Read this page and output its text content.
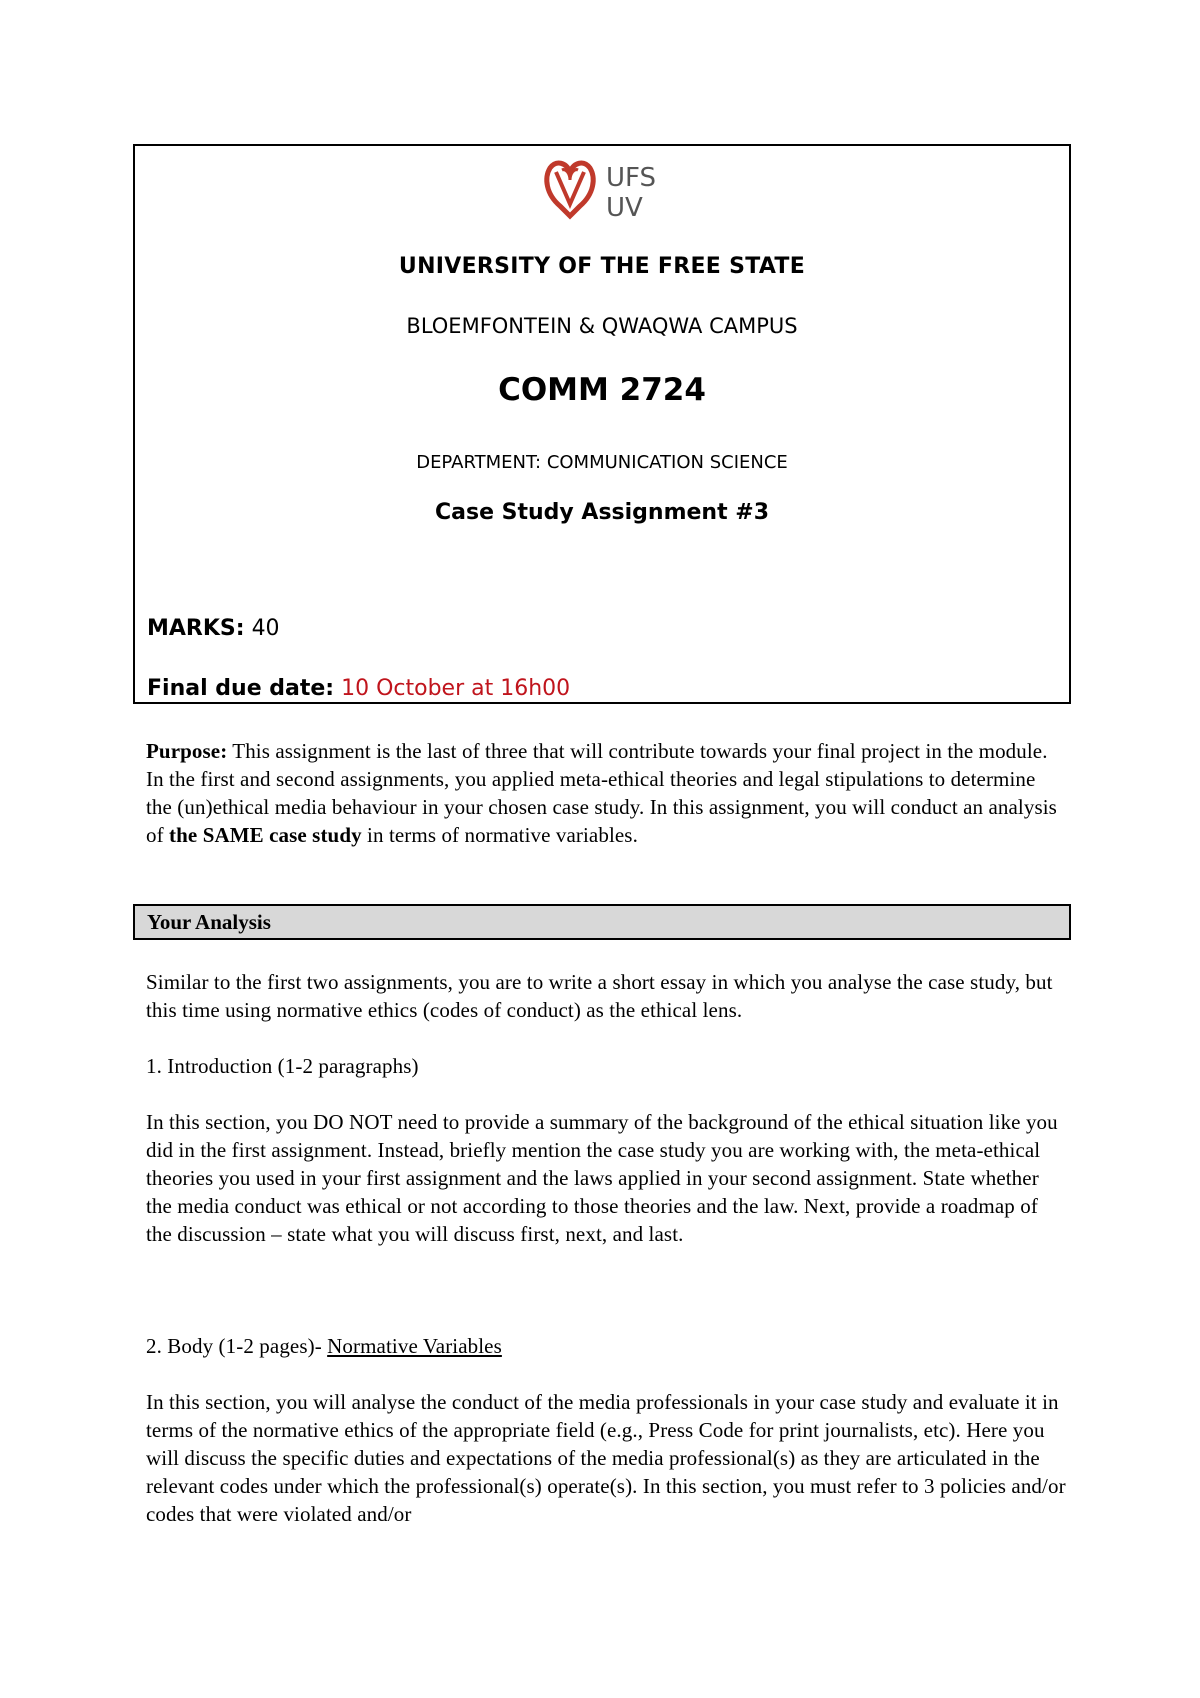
UFS
UV
UNIVERSITY OF THE FREE STATE
BLOEMFONTEIN & QWAQWA CAMPUS
COMM 2724
DEPARTMENT: COMMUNICATION SCIENCE
Case Study Assignment #3
MARKS: 40
Final due date: 10 October at 16h00
Purpose: This assignment is the last of three that will contribute towards your final project in the module. In the first and second assignments, you applied meta-ethical theories and legal stipulations to determine the (un)ethical media behaviour in your chosen case study. In this assignment, you will conduct an analysis of the SAME case study in terms of normative variables.
Your Analysis
Similar to the first two assignments, you are to write a short essay in which you analyse the case study, but this time using normative ethics (codes of conduct) as the ethical lens.
1. Introduction (1-2 paragraphs)
In this section, you DO NOT need to provide a summary of the background of the ethical situation like you did in the first assignment. Instead, briefly mention the case study you are working with, the meta-ethical theories you used in your first assignment and the laws applied in your second assignment. State whether the media conduct was ethical or not according to those theories and the law. Next, provide a roadmap of the discussion – state what you will discuss first, next, and last.
2. Body (1-2 pages)- Normative Variables
In this section, you will analyse the conduct of the media professionals in your case study and evaluate it in terms of the normative ethics of the appropriate field (e.g., Press Code for print journalists, etc). Here you will discuss the specific duties and expectations of the media professional(s) as they are articulated in the relevant codes under which the professional(s) operate(s). In this section, you must refer to 3 policies and/or codes that were violated and/or
